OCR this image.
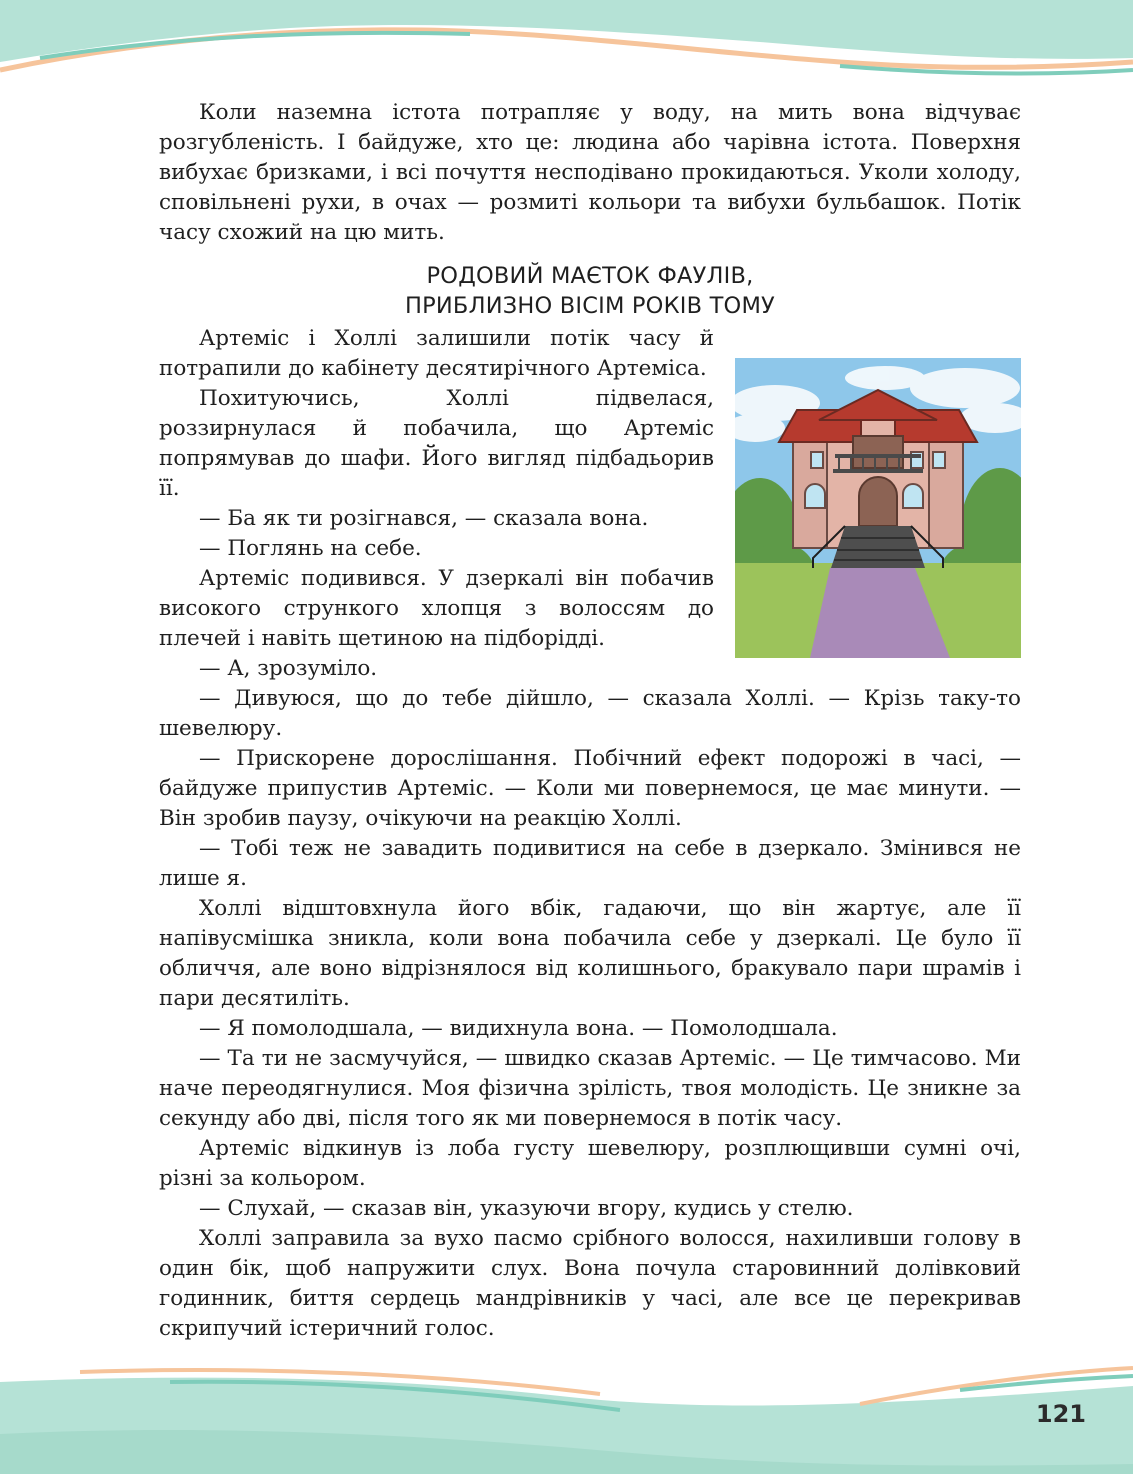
Коли наземна істота потрапляє у воду, на мить вона відчуває розгубленість. І байдуже, хто це: людина або чарівна істота. Поверхня вибухає бризками, і всі почуття несподівано прокидаються. Уколи холоду, сповільнені рухи, в очах — розмиті кольори та вибухи бульбашок. Потік часу схожий на цю мить.

РОДОВИЙ МАЄТОК ФАУЛІВ,
ПРИБЛИЗНО ВІСІМ РОКІВ ТОМУ

Артеміс і Холлі залишили потік часу й потрапили до кабінету десятирічного Артеміса.

Похитуючись, Холлі підвелася, роззирнулася й побачила, що Артеміс попрямував до шафи. Його вигляд підбадьорив її.

— Ба як ти розігнався, — сказала вона.

— Поглянь на себе.

Артеміс подивився. У дзеркалі він побачив високого стрункого хлопця з волоссям до плечей і навіть щетиною на підборідді.

— А, зрозуміло.

— Дивуюся, що до тебе дійшло, — сказала Холлі. — Крізь таку-то шевелюру.

— Прискорене дорослішання. Побічний ефект подорожі в часі, — байдуже припустив Артеміс. — Коли ми повернемося, це має минути. — Він зробив паузу, очікуючи на реакцію Холлі.

— Тобі теж не завадить подивитися на себе в дзеркало. Змінився не лише я.

Холлі відштовхнула його вбік, гадаючи, що він жартує, але її напівусмішка зникла, коли вона побачила себе у дзеркалі. Це було її обличчя, але воно відрізнялося від колишнього, бракувало пари шрамів і пари десятиліть.

— Я помолодшала, — видихнула вона. — Помолодшала.

— Та ти не засмучуйся, — швидко сказав Артеміс. — Це тимчасово. Ми наче переодягнулися. Моя фізична зрілість, твоя молодість. Це зникне за секунду або дві, після того як ми повернемося в потік часу.

Артеміс відкинув із лоба густу шевелюру, розплющивши сумні очі, різні за кольором.

— Слухай, — сказав він, указуючи вгору, кудись у стелю.

Холлі заправила за вухо пасмо срібного волосся, нахиливши голову в один бік, щоб напружити слух. Вона почула старовинний долівковий годинник, биття сердець мандрівників у часі, але все це перекривав скрипучий істеричний голос.

121
